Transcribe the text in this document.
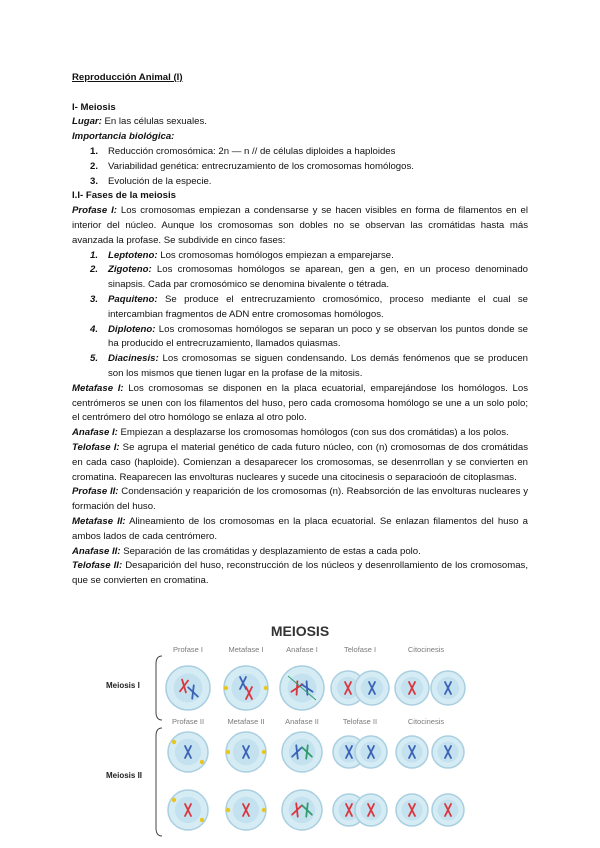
Reproducción Animal (I)

I- Meiosis

Lugar: En las células sexuales.

Importancia biológica:

1. Reducción cromosómica: 2n — n // de células diploides a haploides
2. Variabilidad genética: entrecruzamiento de los cromosomas homólogos.
3. Evolución de la especie.

I.I- Fases de la meiosis

Profase I: Los cromosomas empiezan a condensarse y se hacen visibles en forma de filamentos en el interior del núcleo. Aunque los cromosomas son dobles no se observan las cromátidas hasta más avanzada la profase. Se subdivide en cinco fases:

1. Leptoteno: Los cromosomas homólogos empiezan a emparejarse.
2. Zigoteno: Los cromosomas homólogos se aparean, gen a gen, en un proceso denominado sinapsis. Cada par cromosómico se denomina bivalente o tétrada.
3. Paquiteno: Se produce el entrecruzamiento cromosómico, proceso mediante el cual se intercambian fragmentos de ADN entre cromosomas homólogos.
4. Diploteno: Los cromosomas homólogos se separan un poco y se observan los puntos donde se ha producido el entrecruzamiento, llamados quiasmas.
5. Diacinesis: Los cromosomas se siguen condensando. Los demás fenómenos que se producen son los mismos que tienen lugar en la profase de la mitosis.

Metafase I: Los cromosomas se disponen en la placa ecuatorial, emparejándose los homólogos. Los centrómeros se unen con los filamentos del huso, pero cada cromosoma homólogo se une a un solo polo; el centrómero del otro homólogo se enlaza al otro polo.

Anafase I: Empiezan a desplazarse los cromosomas homólogos (con sus dos cromátidas) a los polos.

Telofase I: Se agrupa el material genético de cada futuro núcleo, con (n) cromosomas de dos cromátidas en cada caso (haploide). Comienzan a desaparecer los cromosomas, se desenrrollan y se convierten en cromatina. Reaparecen las envolturas nucleares y sucede una citocinesis o separacioón de citoplasmas.

Profase II: Condensación y reaparición de los cromosomas (n). Reabsorción de las envolturas nucleares y formación del huso.

Metafase II: Alineamiento de los cromosomas en la placa ecuatorial. Se enlazan filamentos del huso a ambos lados de cada centrómero.

Anafase II: Separación de las cromátidas y desplazamiento de estas a cada polo.

Telofase II: Desaparición del huso, reconstrucción de los núcleos y desenrollamiento de los cromosomas, que se convierten en cromatina.

MEIOSIS
Meiosis I
Meiosis II
Profase I	Metafase I	Anafase I	Telofase I	Citocinesis
Profase II	Metafase II	Anafase II	Telofase II	Citocinesis
